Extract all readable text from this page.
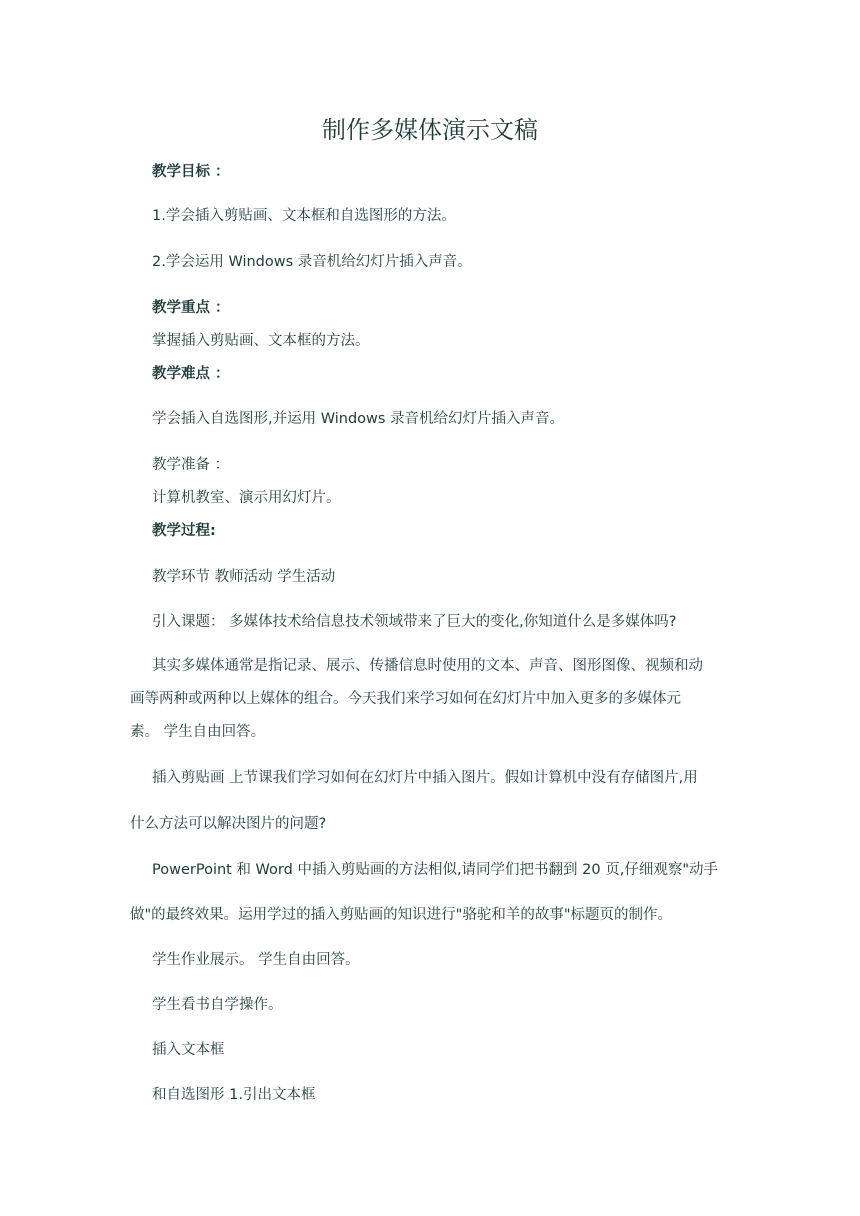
制作多媒体演示文稿
教学目标 ：
1.学会插入剪贴画、文本框和自选图形的方法。
2.学会运用 Windows 录音机给幻灯片插入声音。
教学重点 ：
掌握插入剪贴画、文本框的方法。
教学难点 ：
学会插入自选图形,并运用 Windows 录音机给幻灯片插入声音。
教学准备 ：
计算机教室、演示用幻灯片。
教学过程:
教学环节 教师活动 学生活动
引入课题： 多媒体技术给信息技术领域带来了巨大的变化,你知道什么是多媒体吗?
其实多媒体通常是指记录、展示、传播信息时使用的文本、声音、图形图像、视频和动
画等两种或两种以上媒体的组合。今天我们来学习如何在幻灯片中加入更多的多媒体元
素。 学生自由回答。
插入剪贴画 上节课我们学习如何在幻灯片中插入图片。假如计算机中没有存储图片,用
什么方法可以解决图片的问题?
PowerPoint 和 Word 中插入剪贴画的方法相似,请同学们把书翻到 20 页,仔细观察"动手
做"的最终效果。运用学过的插入剪贴画的知识进行"骆驼和羊的故事"标题页的制作。
学生作业展示。 学生自由回答。
学生看书自学操作。
插入文本框
和自选图形 1.引出文本框
